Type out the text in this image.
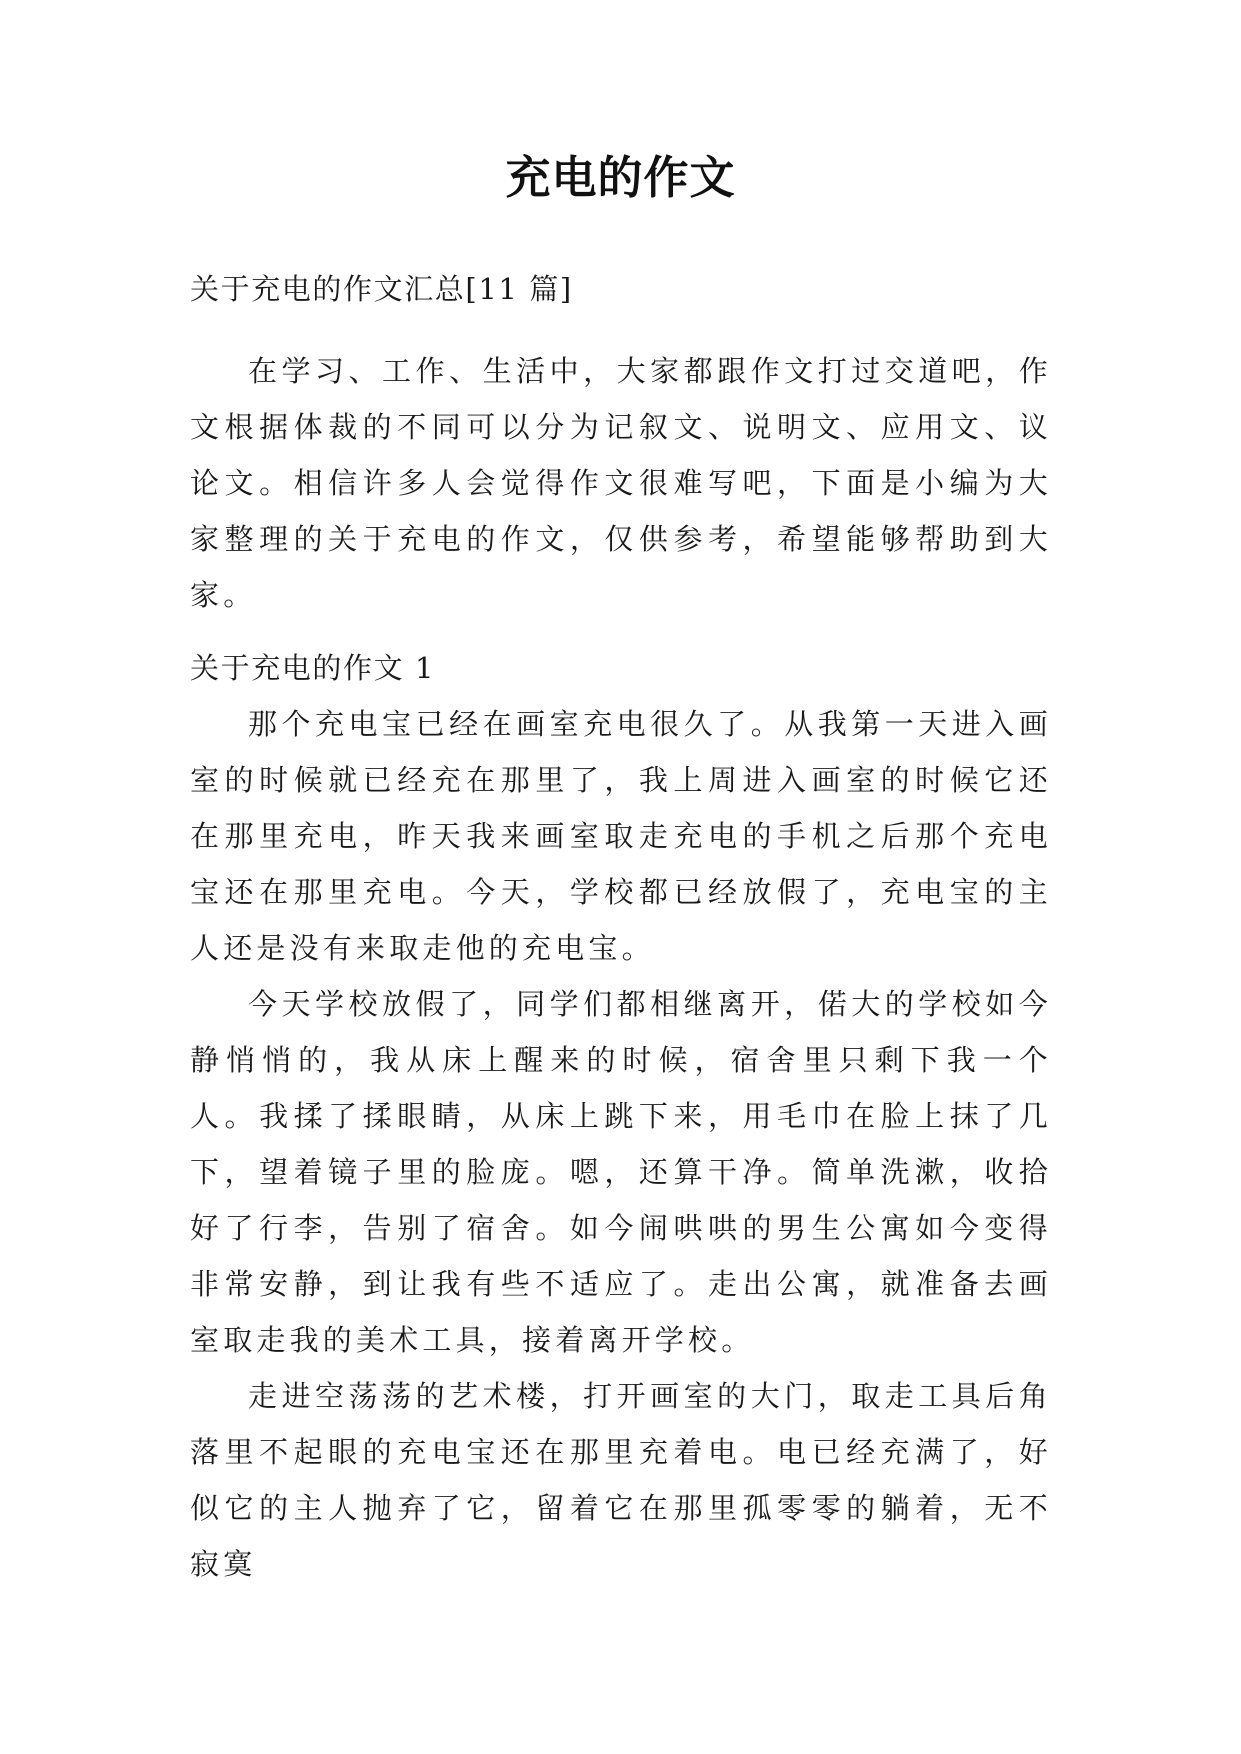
充电的作文
关于充电的作文汇总[11 篇]

在学习、工作、生活中，大家都跟作文打过交道吧，作文根据体裁的不同可以分为记叙文、说明文、应用文、议论文。相信许多人会觉得作文很难写吧，下面是小编为大家整理的关于充电的作文，仅供参考，希望能够帮助到大家。

关于充电的作文 1

那个充电宝已经在画室充电很久了。从我第一天进入画室的时候就已经充在那里了，我上周进入画室的时候它还在那里充电，昨天我来画室取走充电的手机之后那个充电宝还在那里充电。今天，学校都已经放假了，充电宝的主人还是没有来取走他的充电宝。

今天学校放假了，同学们都相继离开，偌大的学校如今静悄悄的，我从床上醒来的时候，宿舍里只剩下我一个人。我揉了揉眼睛，从床上跳下来，用毛巾在脸上抹了几下，望着镜子里的脸庞。嗯，还算干净。简单洗漱，收拾好了行李，告别了宿舍。如今闹哄哄的男生公寓如今变得非常安静，到让我有些不适应了。走出公寓，就准备去画室取走我的美术工具，接着离开学校。

走进空荡荡的艺术楼，打开画室的大门，取走工具后角落里不起眼的充电宝还在那里充着电。电已经充满了，好似它的主人抛弃了它，留着它在那里孤零零的躺着，无不寂寞
